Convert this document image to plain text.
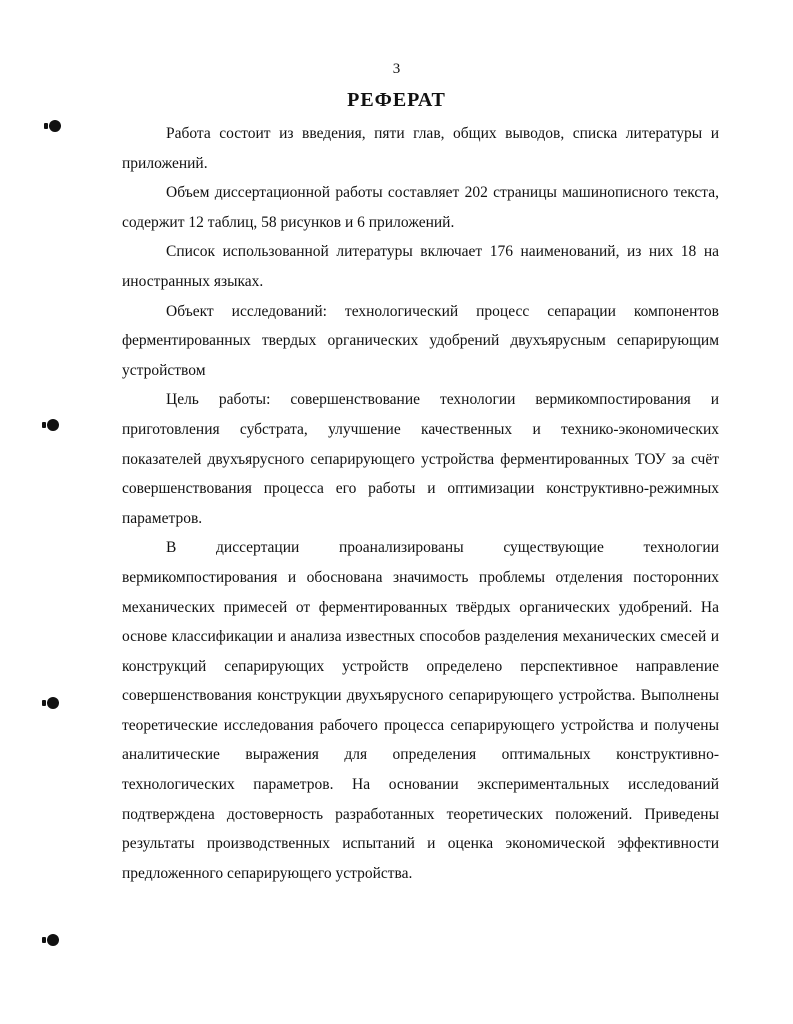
3
РЕФЕРАТ

Работа состоит из введения, пяти глав, общих выводов, списка литературы и приложений.

Объем диссертационной работы составляет 202 страницы машинописного текста, содержит 12 таблиц, 58 рисунков и 6 приложений.

Список использованной литературы включает 176 наименований, из них 18 на иностранных языках.

Объект исследований: технологический процесс сепарации компонентов ферментированных твердых органических удобрений двухъярусным сепарирующим устройством

Цель работы: совершенствование технологии вермикомпостирования и приготовления субстрата, улучшение качественных и технико-экономических показателей двухъярусного сепарирующего устройства ферментированных ТОУ за счёт совершенствования процесса его работы и оптимизации конструктивно-режимных параметров.

В диссертации проанализированы существующие технологии вермикомпостирования и обоснована значимость проблемы отделения посторонних механических примесей от ферментированных твёрдых органических удобрений. На основе классификации и анализа известных способов разделения механических смесей и конструкций сепарирующих устройств определено перспективное направление совершенствования конструкции двухъярусного сепарирующего устройства. Выполнены теоретические исследования рабочего процесса сепарирующего устройства и получены аналитические выражения для определения оптимальных конструктивно- технологических параметров. На основании экспериментальных исследований подтверждена достоверность разработанных теоретических положений. Приведены результаты производственных испытаний и оценка экономической эффективности предложенного сепарирующего устройства.
